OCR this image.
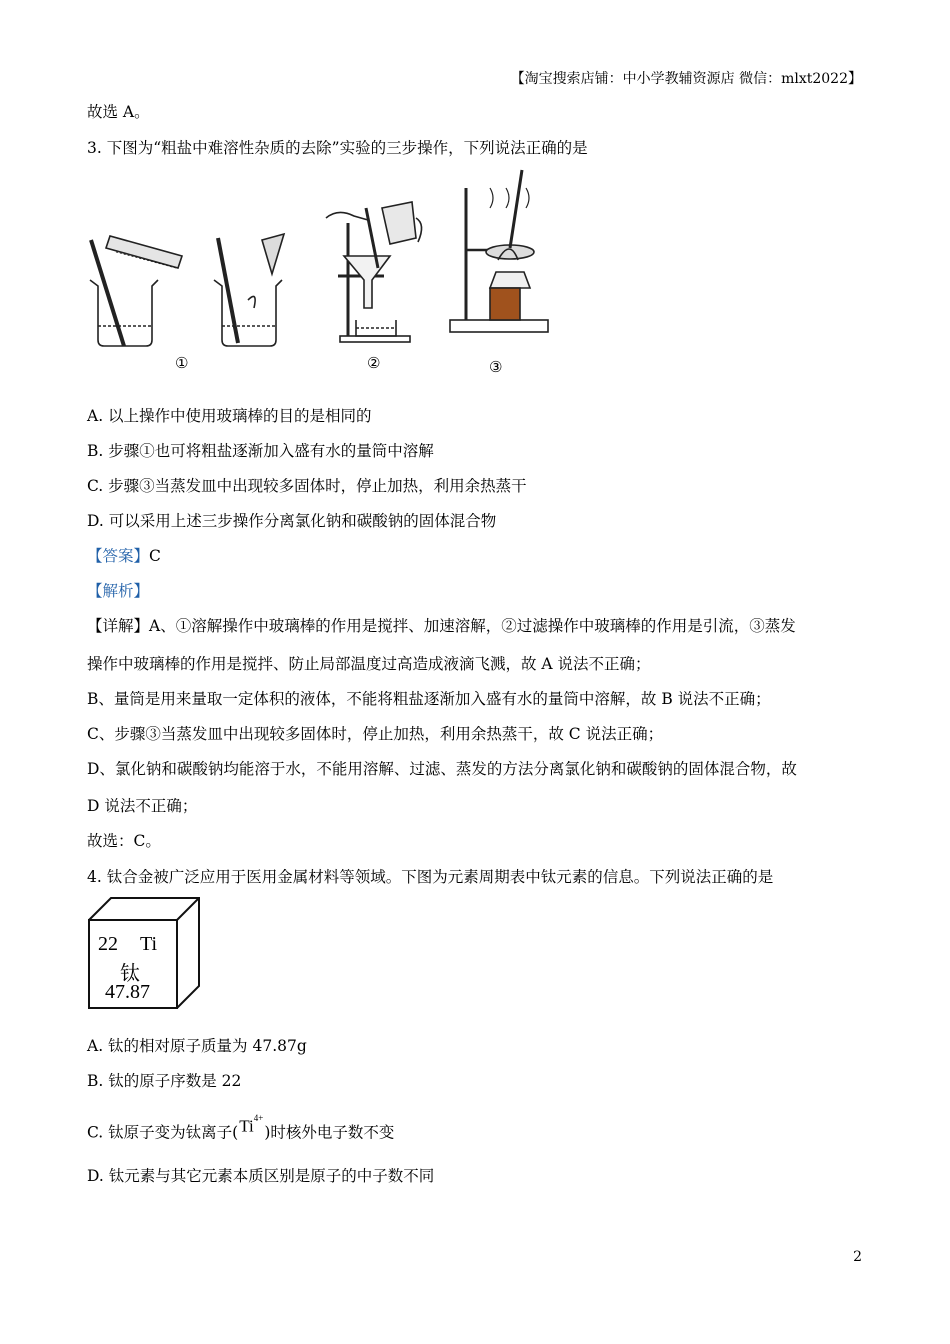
【淘宝搜索店铺：中小学教辅资源店 微信：mlxt2022】
故选 A。
3. 下图为“粗盐中难溶性杂质的去除”实验的三步操作，下列说法正确的是
①	②	③
A. 以上操作中使用玻璃棒的目的是相同的
B. 步骤①也可将粗盐逐渐加入盛有水的量筒中溶解
C. 步骤③当蒸发皿中出现较多固体时，停止加热，利用余热蒸干
D. 可以采用上述三步操作分离氯化钠和碳酸钠的固体混合物
【答案】C
【解析】
【详解】A、①溶解操作中玻璃棒的作用是搅拌、加速溶解，②过滤操作中玻璃棒的作用是引流，③蒸发
操作中玻璃棒的作用是搅拌、防止局部温度过高造成液滴飞溅，故 A 说法不正确；
B、量筒是用来量取一定体积的液体，不能将粗盐逐渐加入盛有水的量筒中溶解，故 B 说法不正确；
C、步骤③当蒸发皿中出现较多固体时，停止加热，利用余热蒸干，故 C 说法正确；
D、氯化钠和碳酸钠均能溶于水，不能用溶解、过滤、蒸发的方法分离氯化钠和碳酸钠的固体混合物，故
D 说法不正确；
故选：C。
4. 钛合金被广泛应用于医用金属材料等领域。下图为元素周期表中钛元素的信息。下列说法正确的是
22 Ti
钛
47.87
A. 钛的相对原子质量为 47.87g
B. 钛的原子序数是 22
C. 钛原子变为钛离子$(Ti^{4+})$时核外电子数不变
D. 钛元素与其它元素本质区别是原子的中子数不同
2
